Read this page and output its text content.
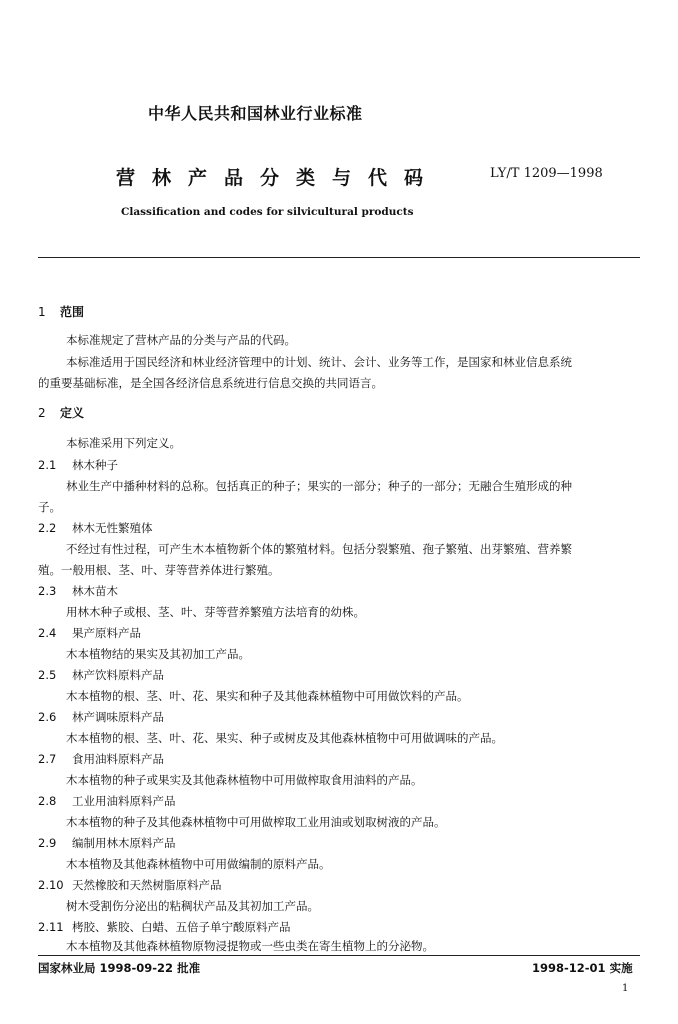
中华人民共和国林业行业标准
营林产品分类与代码	LY/T 1209—1998
Classification and codes for silvicultural products
1 范围
本标准规定了营林产品的分类与产品的代码。
本标准适用于国民经济和林业经济管理中的计划、统计、会计、业务等工作，是国家和林业信息系统
的重要基础标准，是全国各经济信息系统进行信息交换的共同语言。
2 定义
本标准采用下列定义。
2.1 林木种子
林业生产中播种材料的总称。包括真正的种子；果实的一部分；种子的一部分；无融合生殖形成的种
子。
2.2 林木无性繁殖体
不经过有性过程，可产生木本植物新个体的繁殖材料。包括分裂繁殖、孢子繁殖、出芽繁殖、营养繁
殖。一般用根、茎、叶、芽等营养体进行繁殖。
2.3 林木苗木
用林木种子或根、茎、叶、芽等营养繁殖方法培育的幼株。
2.4 果产原料产品
木本植物结的果实及其初加工产品。
2.5 林产饮料原料产品
木本植物的根、茎、叶、花、果实和种子及其他森林植物中可用做饮料的产品。
2.6 林产调味原料产品
木本植物的根、茎、叶、花、果实、种子或树皮及其他森林植物中可用做调味的产品。
2.7 食用油料原料产品
木本植物的种子或果实及其他森林植物中可用做榨取食用油料的产品。
2.8 工业用油料原料产品
木本植物的种子及其他森林植物中可用做榨取工业用油或划取树液的产品。
2.9 编制用林木原料产品
木本植物及其他森林植物中可用做编制的原料产品。
2.10 天然橡胶和天然树脂原料产品
树木受割伤分泌出的粘稠状产品及其初加工产品。
2.11 栲胶、紫胶、白蜡、五倍子单宁酸原料产品
木本植物及其他森林植物原物浸提物或一些虫类在寄生植物上的分泌物。
国家林业局 1998-09-22 批准	1998-12-01 实施
1
